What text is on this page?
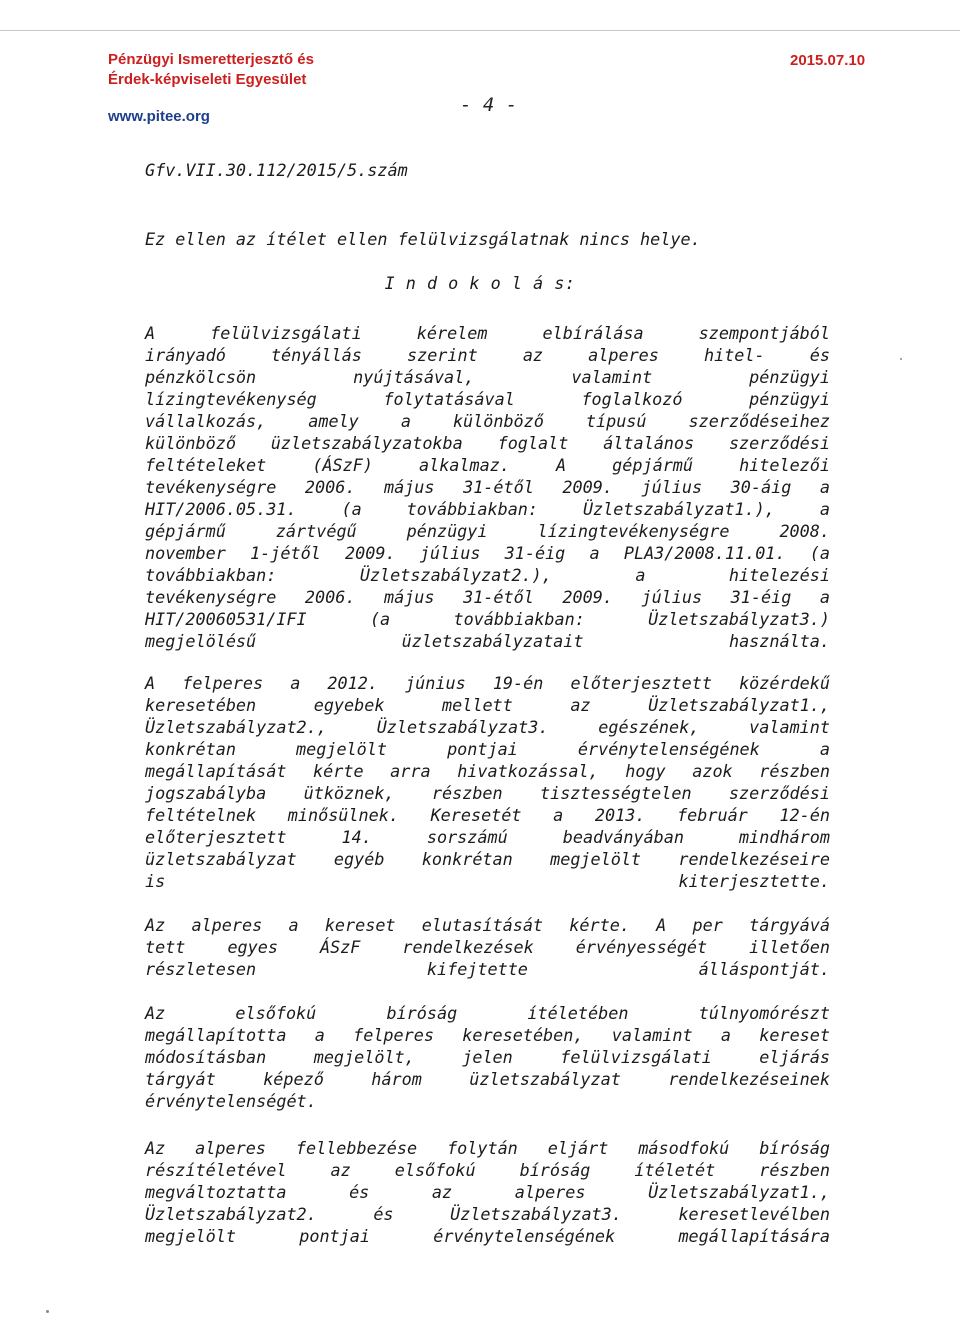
Pénzügyi Ismeretterjesztő és
Érdek-képviseleti Egyesület
www.pitee.org
2015.07.10
- 4 -
Gfv.VII.30.112/2015/5.szám
Ez ellen az ítélet ellen felülvizsgálatnak nincs helye.
I n d o k o l á s:
A	felülvizsgálati	kérelem	elbírálása	szempontjából
irányadó	tényállás	szerint	az	alperes	hitel-	és
pénzkölcsön	nyújtásával,	valamint	pénzügyi
lízingtevékenység	folytatásával	foglalkozó	pénzügyi
vállalkozás,	amely	a	különböző	típusú	szerződéseihez
különböző üzletszabályzatokba foglalt általános szerződési
feltételeket	(ÁSzF)	alkalmaz.	A	gépjármű	hitelezői
tevékenységre 2006. május 31-étől 2009. július 30-áig a
HIT/2006.05.31.	(a	továbbiakban:	Üzletszabályzat1.),	a
gépjármű	zártvégű	pénzügyi	lízingtevékenységre	2008.
november 1-jétől 2009. július 31-éig a PLA3/2008.11.01. (a
továbbiakban:	Üzletszabályzat2.),	a	hitelezési
tevékenységre 2006. május 31-étől 2009. július 31-éig a
HIT/20060531/IFI	(a	továbbiakban:	Üzletszabályzat3.)
megjelölésű üzletszabályzatait használta.
A felperes a 2012. június 19-én előterjesztett közérdekű
keresetében	egyebek	mellett	az	Üzletszabályzat1.,
Üzletszabályzat2.,	Üzletszabályzat3.	egészének,	valamint
konkrétan	megjelölt	pontjai	érvénytelenségének	a
megállapítását kérte arra hivatkozással, hogy azok részben
jogszabályba ütköznek, részben tisztességtelen szerződési
feltételnek minősülnek. Keresetét a 2013. február 12-én
előterjesztett	14.	sorszámú	beadványában	mindhárom
üzletszabályzat egyéb konkrétan megjelölt rendelkezéseire
is kiterjesztette.
Az alperes a kereset elutasítását kérte. A per tárgyává
tett	egyes	ÁSzF	rendelkezések	érvényességét	illetően
részletesen kifejtette álláspontját.
Az	elsőfokú	bíróság	ítéletében	túlnyomórészt
megállapította a felperes keresetében, valamint a kereset
módosításban	megjelölt,	jelen	felülvizsgálati	eljárás
tárgyát	képező	három	üzletszabályzat	rendelkezéseinek
érvénytelenségét.
Az alperes fellebbezése folytán eljárt másodfokú bíróság
részítéletével	az	elsőfokú	bíróság	ítéletét	részben
megváltoztatta	és	az	alperes	Üzletszabályzat1.,
Üzletszabályzat2.	és	Üzletszabályzat3.	keresetlevélben
megjelölt pontjai érvénytelenségének megállapítására
